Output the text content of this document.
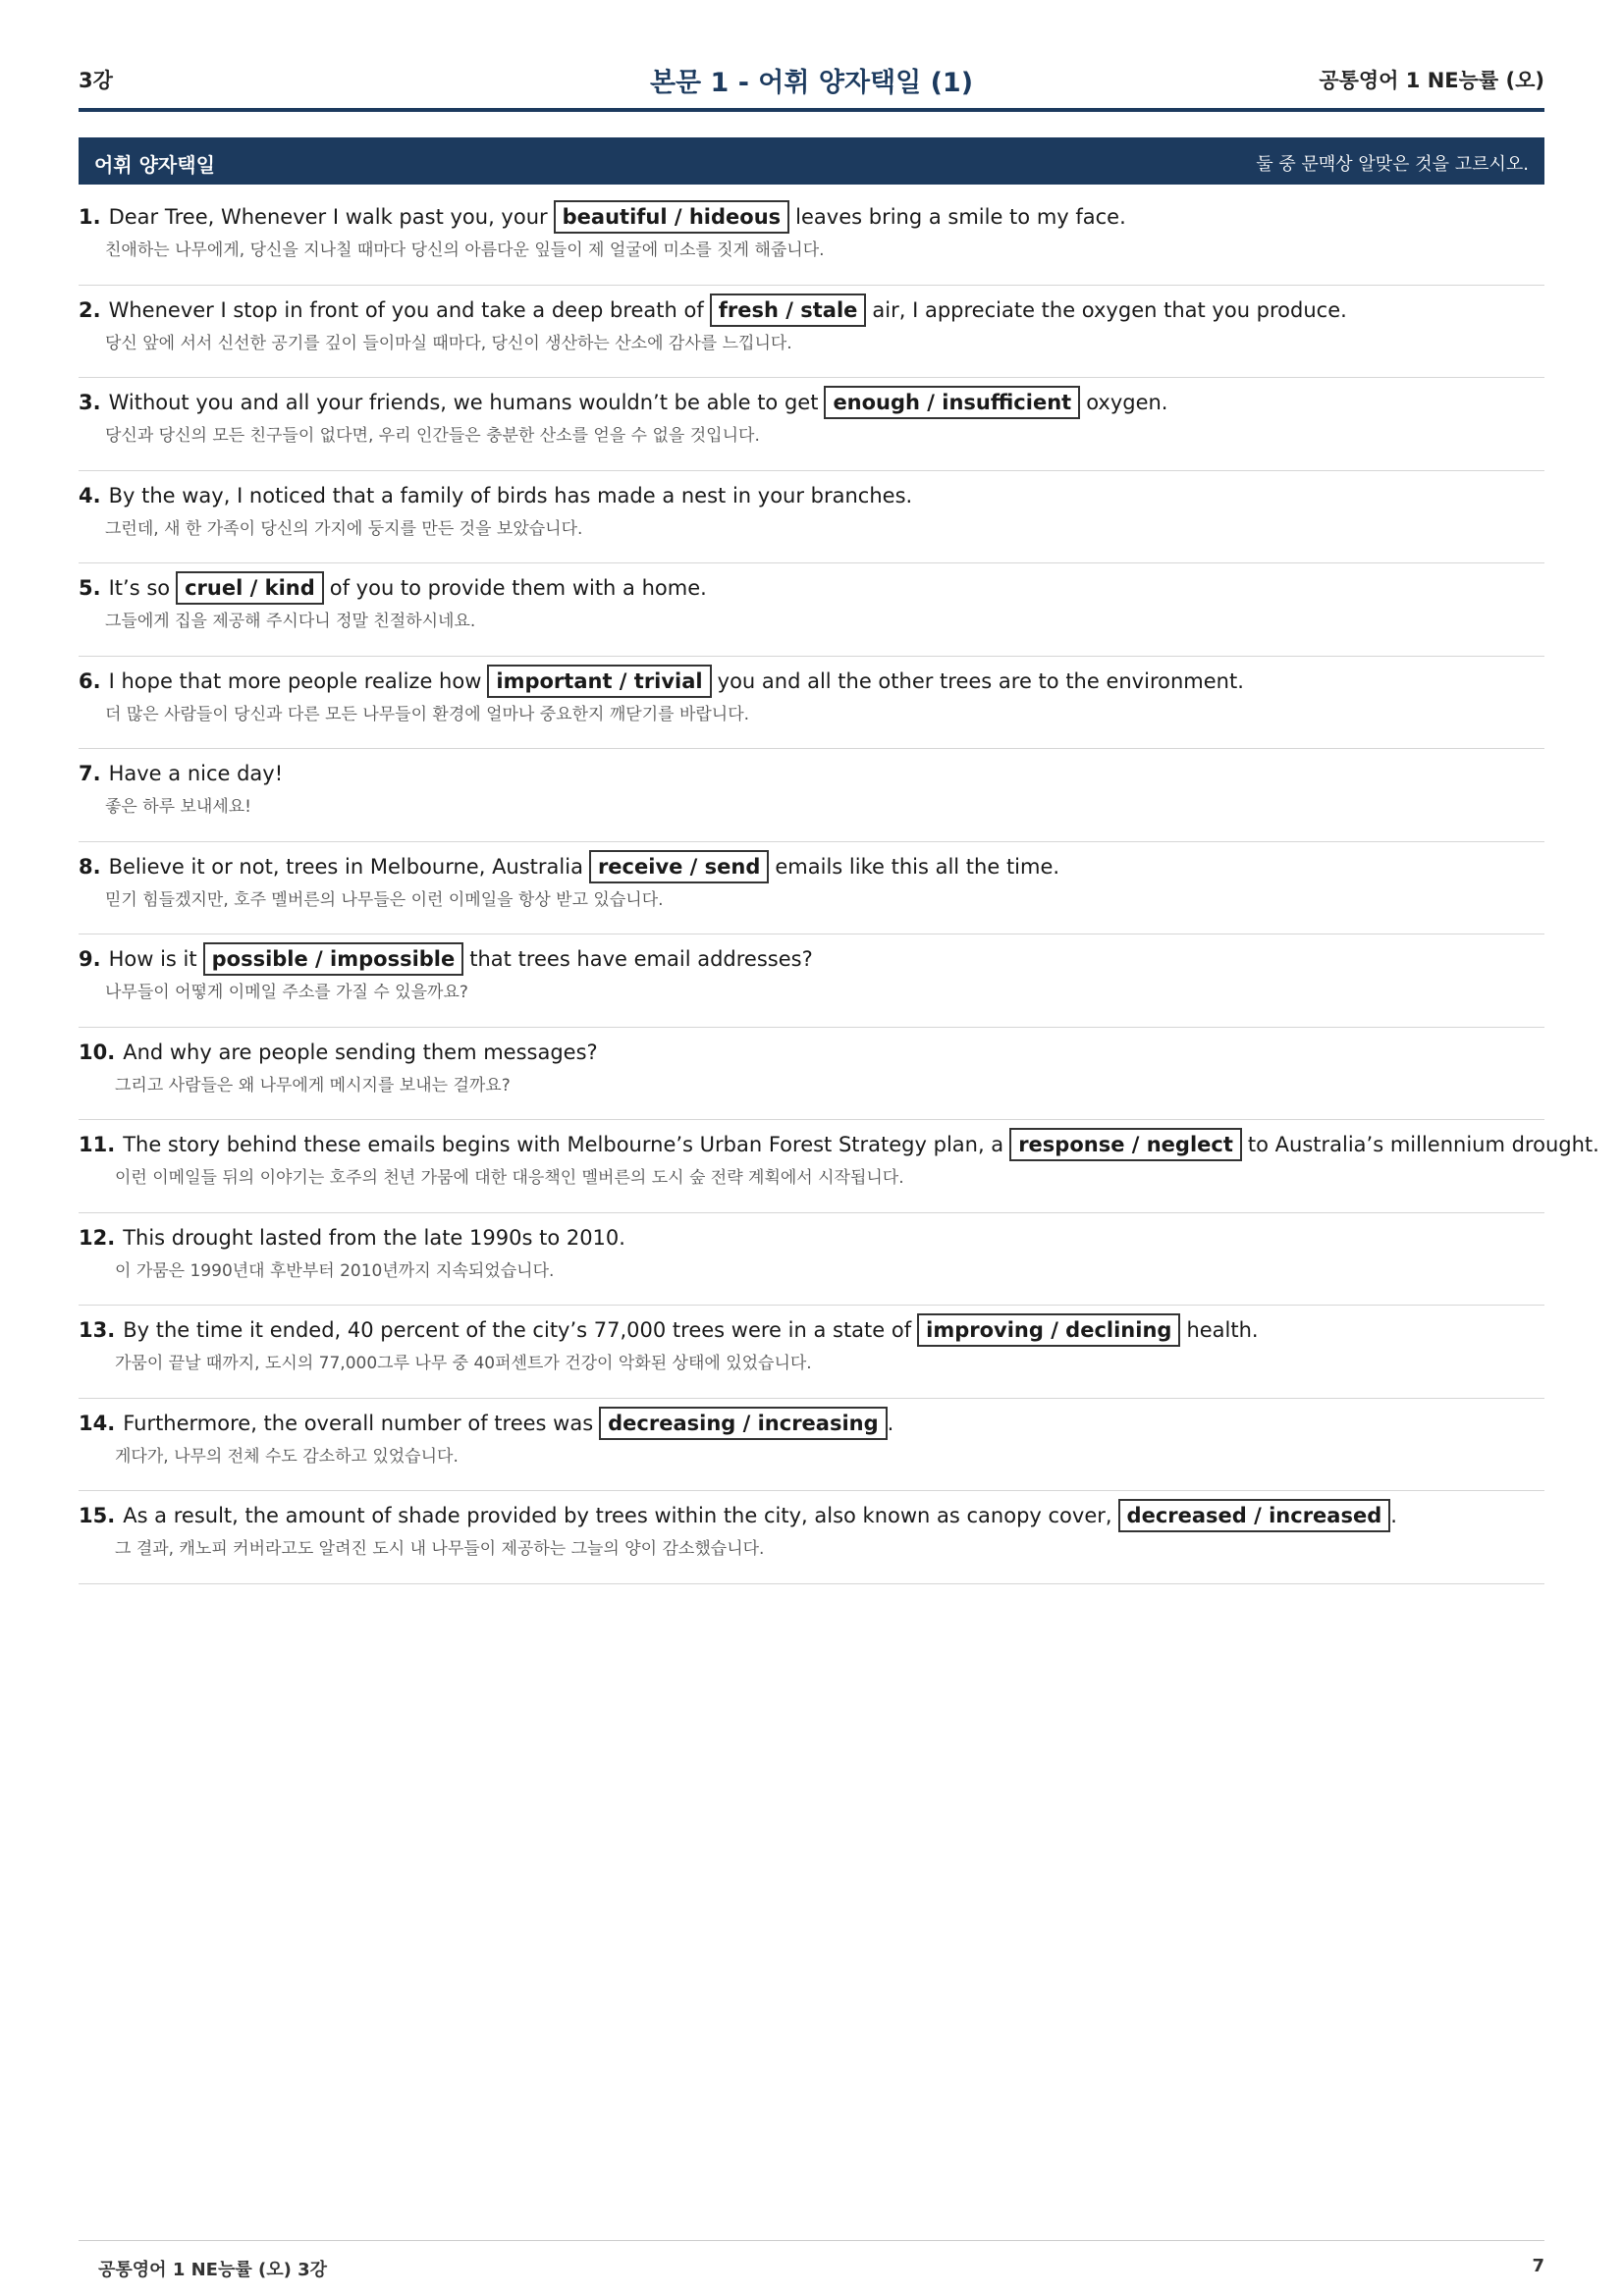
3강	본문 1 - 어휘 양자택일 (1)	공통영어 1 NE능률 (오)
어휘 양자택일	둘 중 문맥상 알맞은 것을 고르시오.
1. Dear Tree, Whenever I walk past you, your beautiful / hideous leaves bring a smile to my face.
친애하는 나무에게, 당신을 지나칠 때마다 당신의 아름다운 잎들이 제 얼굴에 미소를 짓게 해줍니다.
2. Whenever I stop in front of you and take a deep breath of fresh / stale air, I appreciate the oxygen that you produce.
당신 앞에 서서 신선한 공기를 깊이 들이마실 때마다, 당신이 생산하는 산소에 감사를 느낍니다.
3. Without you and all your friends, we humans wouldn’t be able to get enough / insufficient oxygen.
당신과 당신의 모든 친구들이 없다면, 우리 인간들은 충분한 산소를 얻을 수 없을 것입니다.
4. By the way, I noticed that a family of birds has made a nest in your branches.
그런데, 새 한 가족이 당신의 가지에 둥지를 만든 것을 보았습니다.
5. It’s so cruel / kind of you to provide them with a home.
그들에게 집을 제공해 주시다니 정말 친절하시네요.
6. I hope that more people realize how important / trivial you and all the other trees are to the environment.
더 많은 사람들이 당신과 다른 모든 나무들이 환경에 얼마나 중요한지 깨닫기를 바랍니다.
7. Have a nice day!
좋은 하루 보내세요!
8. Believe it or not, trees in Melbourne, Australia receive / send emails like this all the time.
믿기 힘들겠지만, 호주 멜버른의 나무들은 이런 이메일을 항상 받고 있습니다.
9. How is it possible / impossible that trees have email addresses?
나무들이 어떻게 이메일 주소를 가질 수 있을까요?
10. And why are people sending them messages?
그리고 사람들은 왜 나무에게 메시지를 보내는 걸까요?
11. The story behind these emails begins with Melbourne’s Urban Forest Strategy plan, a response / neglect to Australia’s millennium drought.
이런 이메일들 뒤의 이야기는 호주의 천년 가뭄에 대한 대응책인 멜버른의 도시 숲 전략 계획에서 시작됩니다.
12. This drought lasted from the late 1990s to 2010.
이 가뭄은 1990년대 후반부터 2010년까지 지속되었습니다.
13. By the time it ended, 40 percent of the city’s 77,000 trees were in a state of improving / declining health.
가뭄이 끝날 때까지, 도시의 77,000그루 나무 중 40퍼센트가 건강이 악화된 상태에 있었습니다.
14. Furthermore, the overall number of trees was decreasing / increasing .
게다가, 나무의 전체 수도 감소하고 있었습니다.
15. As a result, the amount of shade provided by trees within the city, also known as canopy cover, decreased / increased .
그 결과, 캐노피 커버라고도 알려진 도시 내 나무들이 제공하는 그늘의 양이 감소했습니다.
공통영어 1 NE능률 (오) 3강	7
